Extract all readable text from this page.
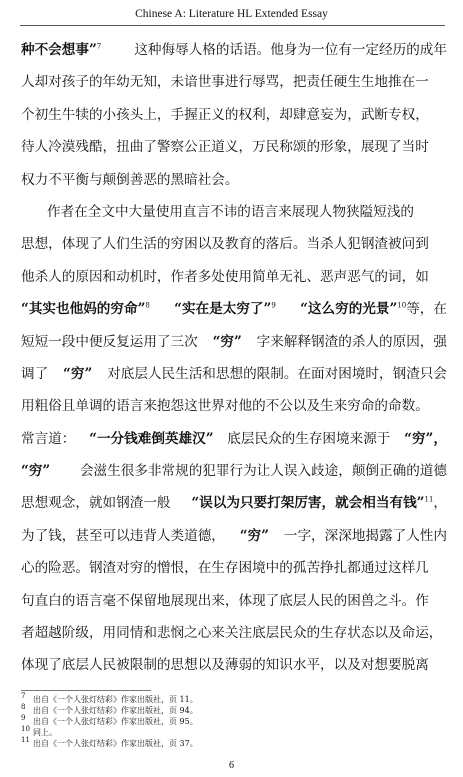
Chinese A: Literature HL Extended Essay
种不会想事”$^7$ 这种侮辱人格的话语。他身为一位有一定经历的成年
人却对孩子的年幼无知，未谙世事进行辱骂，把责任硬生生地推在一
个初生牛犊的小孩头上，手握正义的权利，却肆意妄为，武断专权，
待人冷漠残酷，扭曲了警察公正道义，万民称颂的形象，展现了当时
权力不平衡与颠倒善恶的黑暗社会。
作者在全文中大量使用直言不讳的语言来展现人物狭隘短浅的
思想，体现了人们生活的穷困以及教育的落后。当杀人犯钢渣被问到
他杀人的原因和动机时，作者多处使用简单无礼、恶声恶气的词，如
“其实也他妈的穷命”$^8$ “实在是太穷了”$^9$ “这么穷的光景”$^{10}$等，在
短短一段中便反复运用了三次 “穷” 字来解释钢渣的杀人的原因，强
调了 “穷” 对底层人民生活和思想的限制。在面对困境时，钢渣只会
用粗俗且单调的语言来抱怨这世界对他的不公以及生来穷命的命数。
常言道： “一分钱难倒英雄汉” 底层民众的生存困境来源于 “穷”，
“穷” 会滋生很多非常规的犯罪行为让人误入歧途，颠倒正确的道德
思想观念，就如钢渣一般 “误以为只要打架厉害，就会相当有钱”$^{11}$，
为了钱，甚至可以违背人类道德， “穷” 一字，深深地揭露了人性内
心的险恶。钢渣对穷的憎恨，在生存困境中的孤苦挣扎都通过这样几
句直白的语言毫不保留地展现出来，体现了底层人民的困兽之斗。作
者超越阶级，用同情和悲悯之心来关注底层民众的生存状态以及命运，
体现了底层人民被限制的思想以及薄弱的知识水平，以及对想要脱离
$^7$ 出自《一个人张灯结彩》作家出版社，页 11。
$^8$ 出自《一个人张灯结彩》作家出版社，页 94。
$^9$ 出自《一个人张灯结彩》作家出版社，页 95。
$^{10}$ 同上。
$^{11}$ 出自《一个人张灯结彩》作家出版社，页 37。
6
